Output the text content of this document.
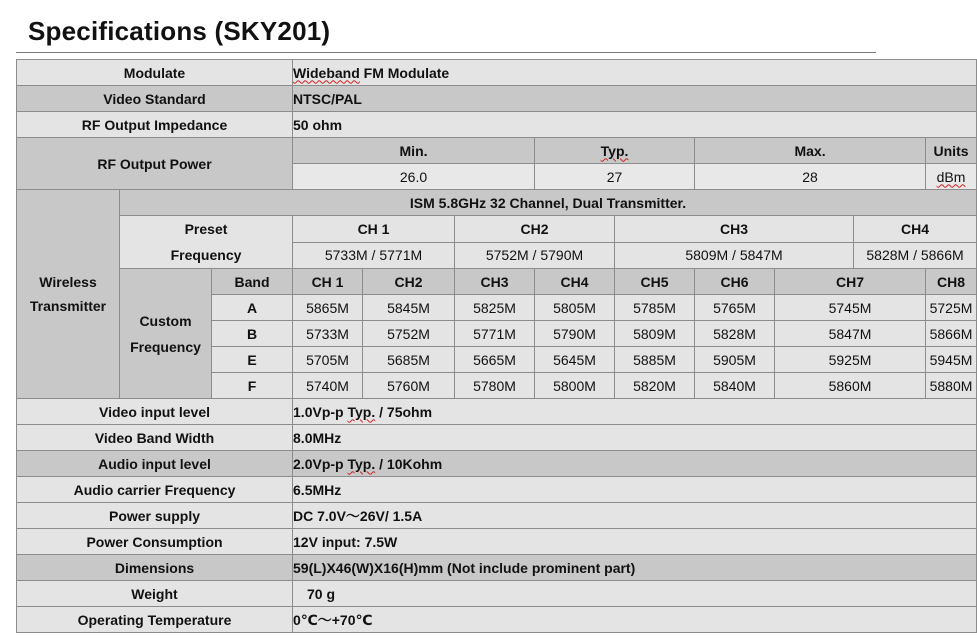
Specifications (SKY201)
Modulate			Wideband FM Modulate								
Video Standard			NTSC/PAL								
RF Output Impedance			50 ohm								
RF Output Power			Min.			Typ.		Max.			Units
			26.0			27		28			dBm

Wireless
Transmitter	ISM 5.8GHz 32 Channel, Dual Transmitter.										

	Preset
Frequency		CH 1		CH2		CH3			CH4	
			5733M / 5771M		5752M / 5790M		5809M / 5847M			5828M / 5866M	

	Custom
Frequency	Band	CH 1	CH2	CH3	CH4	CH5	CH6	CH7		CH8
		A	5865M	5845M	5825M	5805M	5785M	5765M	5745M		5725M
		B	5733M	5752M	5771M	5790M	5809M	5828M	5847M		5866M
		E	5705M	5685M	5665M	5645M	5885M	5905M	5925M		5945M
		F	5740M	5760M	5780M	5800M	5820M	5840M	5860M		5880M
Video input level			1.0Vp-p Typ. / 75ohm								
Video Band Width			8.0MHz								
Audio input level			2.0Vp-p Typ. / 10Kohm								
Audio carrier Frequency			6.5MHz								
Power supply			DC 7.0V～26V/ 1.5A								
Power Consumption			12V input: 7.5W								
Dimensions			59(L)X46(W)X16(H)mm (Not include prominent part)								
Weight			70 g								
Operating Temperature			0℃～+70℃								
